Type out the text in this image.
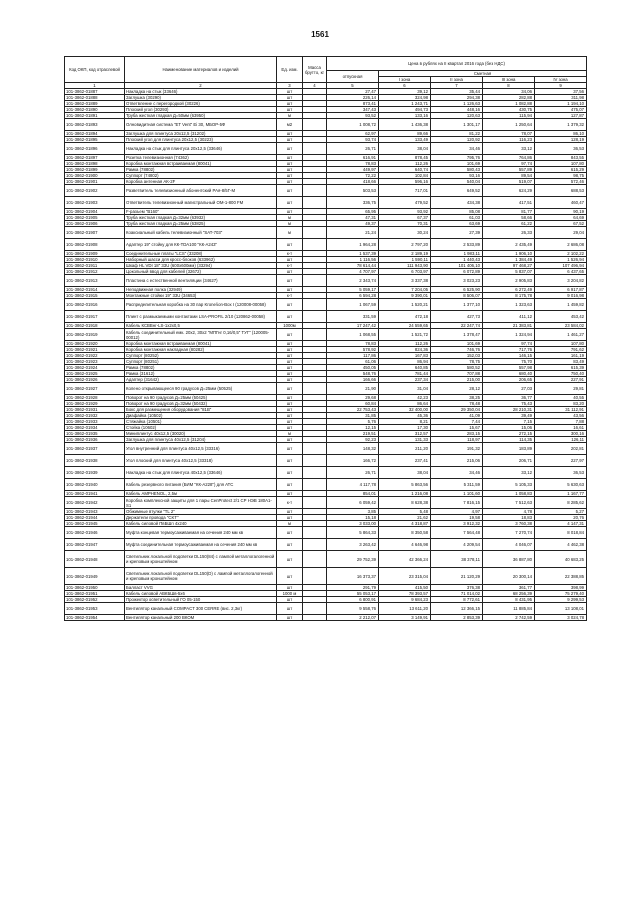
1561
Код ОКП, код отраслевой	Наименование материалов и изделий	Ед. изм.	Масса брутто, кг	Цена в рублях на II квартал 2016 года (без НДС)				
				отпускная	Сметная			
					I зона	II зона	III зона	IV зона
1	2	3	4	5	6	7	8	9
101-3862-01887	Накладка на стык (33646)	шт		27,47	39,12	35,44	34,06	37,56
101-3862-01888	Заглушка (30290)	шт		226,14	324,98	294,38	282,88	311,98
101-3862-01889	Ответвление с перегородкой (30226)	шт		873,41	1 243,71	1 126,63	1 082,88	1 194,10
101-3862-01890	Плоский угол (30293)	шт		347,43	494,73	448,16	430,75	475,07
101-3862-01891	Труба жесткая гладкая Д=50мм (63950)	м		93,52	133,16	120,63	115,94	127,87
101-3862-01893	Олновидитная система "ET Vent" Ei 30, МБОР-5Ф	м2		1 008,72	1 436,38	1 301,17	1 250,64	1 379,32
101-3862-01894	Заглушка для плинтуса 20х12,5 (31202)	шт		62,97	89,66	81,22	78,07	86,10
101-3862-01895	Плоский угол для плинтуса 20х12,5 (30223)	шт		93,74	133,49	120,92	116,23	128,19
101-3862-01896	Накладка на стык для плинтуса 20х12,5 (33646)	шт		26,71	38,04	34,46	33,12	36,53
101-3862-01897	Розетка телевизионная (74362)	шт		616,91	878,45	795,76	764,86	843,55
101-3862-01898	Коробка монтажная встраиваемая (80041)	шт		78,83	112,26	101,69	97,74	107,80
101-3862-01899	Рамка (78802)	шт		449,97	640,74	580,43	557,89	615,29
101-3862-01900	Суппорт (74802)	шт		72,22	102,84	93,16	89,54	98,75
101-3862-01901	Коробка антенная АК-2F	шт		418,66	596,16	540,04	519,07	572,46
101-3862-01902	Разветвитель телевизионный абонентский РАя-8/5Г-М	шт		503,53	717,01	649,52	624,29	688,53
101-3862-01903	Ответвитель телевизионный магистральный ОМ-1-800 FM	шт		336,75	479,52	434,38	417,51	460,47
101-3862-01904	F-разъем "В160"	шт		65,95	93,92	85,08	81,77	90,19
101-3862-01905	Труба жесткая гладкая Д=32мм (63932)	м		47,31	67,37	61,03	58,66	64,69
101-3862-01906	Труба жесткая гладкая Д=25мм (63825)	м		49,37	70,31	63,69	61,22	67,52
101-3862-01907	Коаксиальный кабель телевизионный "SAT-703"	м		21,24	30,24	27,39	26,33	29,04
101-3862-01908	Адаптер 19" стойку для КК-ТDA100 "КК-А243"	шт		1 964,28	2 797,20	2 533,89	2 435,49	2 686,08
101-3862-01909	Соединительные платы "LCS" (33208)	к-т		1 537,39	2 189,19	1 983,11	1 906,10	2 102,22
101-3862-01910	Наборный шасси для кросс-блоков (633962)	шт		1 116,56	1 590,11	1 440,43	1 384,49	1 526,94
101-3862-01911	Шкаф НL VDI 18" 33U (600х600мм) (33294)	к-т		78 614,44	111 943,90	101 406,10	97 468,27	107 496,94
101-3862-01912	Цокольный ввод для кабелей (32672)	шт		4 707,97	6 703,97	6 072,89	5 837,07	6 437,65
101-3862-01913	Пластина с естественной вентиляции (34627)	шт		2 343,74	3 337,38	3 023,23	2 905,83	3 204,82
101-3862-01914	Неподвижная полка (32949)	шт		5 059,17	7 204,05	6 525,90	6 272,49	6 917,87
101-3862-01915	Монтажные стойки 19" 33U (34653)	к-т		6 594,28	9 390,01	8 506,07	8 175,78	9 016,98
101-3862-01916	Распределительная коробка на 30 пар Krone\ion-Box I (120008-00058)	шт		1 067,59	1 520,21	1 377,10	1 323,63	1 459,82
101-3862-01917	Плинт с размыкаемыми контактами LSA-PROFIL 2/10 (120862-00058)	шт		331,59	472,18	427,73	411,12	453,42
101-3862-01918	Кабель КСВВнг-LS-1х2х0,5	1000м		17 247,42	24 559,65	22 247,74	21 383,81	23 584,02
101-3862-01919	Кабель соединительный емк. 20х2, 30х2 "МПГнг 0,16/0,5" ТУГ" (120005-00012)	шт		1 068,55	1 521,72	1 378,47	1 324,94	1 461,27
101-3862-01920	Коробка монтажная встраиваемая (80041)	шт		78,83	112,26	101,69	97,74	107,80
101-3862-01921	Коробка монтажная накладная (80282)	шт		578,92	824,36	746,76	717,76	791,62
101-3862-01922	Суппорт (80252)	шт		117,86	167,83	152,03	146,15	161,19
101-3862-01923	Суппорт (80251)	шт		61,06	86,94	78,75	75,70	83,49
101-3862-01924	Рамка (78802)	шт		450,05	640,85	580,52	557,98	615,39
101-3862-01925	Рамка (31612)	шт		548,76	781,44	707,88	680,40	750,40
101-3862-01926	Адаптер (31642)	шт		166,66	237,34	215,00	206,65	227,91
101-3862-01927	Колено открывающееся 90 градусов Д=25мм (50525)	шт		21,90	31,04	28,12	27,03	29,81
101-3862-01928	Поворот на 90 градусов Д=25мм (50425)	шт		29,68	42,23	38,25	36,77	40,55
101-3862-01929	Поворот на 90 градусов Д=32мм (50432)	шт		60,84	86,64	78,48	75,43	83,20
101-3862-01931	Бокс для размещения оборудования "81В"	шт		22 753,43	32 400,00	29 350,04	28 210,31	31 112,91
101-3862-01932	Диафайка (10502)	шт		31,85	45,36	41,09	39,49	43,56
101-3862-01933	Стяжайка (10501)	шт		5,76	8,21	7,44	7,15	7,88
101-3862-01934	Стойка (10602)	шт		12,15	17,30	15,67	15,06	16,61
101-3862-01935	Миниплинтус 40х12,5 (30020)	м		219,51	312,57	283,15	272,15	300,16
101-3862-01936	Заглушка для плинтуса 40х12,5 (31204)	шт		92,23	131,33	118,97	114,35	126,11
101-3862-01937	Угол внутренний для плинтуса 40х12,5 (33316)	шт		148,32	211,20	191,32	183,89	202,81
101-3862-01938	Угол плоский для плинтуса 40х12,5 (33318)	шт		166,72	237,41	215,06	206,71	227,97
101-3862-01939	Накладка на стык для плинтуса 40х12,5 (33646)	шт		26,71	38,04	34,46	33,12	36,53
101-3862-01940	Кабель резервного питания (БИМ "КК-А228") для АТС	шт		4 117,78	5 863,56	5 311,59	5 105,33	5 630,63
101-3862-01941	Кабель AMPHENOL, 2,5м	шт		854,01	1 216,08	1 101,60	1 058,83	1 167,77
101-3862-01942	Коробка комплексной защиты для 1 пары CenProtect 2/1 СР НЭВ 180А1-S1	к-т		6 059,42	8 628,38	7 816,15	7 512,63	8 285,62
101-3862-01943	Обжимные втулки "TL 2"	шт		3,85	5,48	4,97	4,78	5,27
101-3862-01944	Держатели провода "CKT"	шт		15,18	21,62	19,58	18,83	20,76
101-3862-01945	Кабель силовой ПвБШп 4х240	м		3 033,00	4 318,87	3 912,32	3 760,38	4 147,31
101-3862-01946	Муфта концевая термоусаживаемая на сечения 240 мм кв	шт		5 864,33	8 350,58	7 564,48	7 270,74	8 018,84
101-3862-01947	Муфта соединительная термоусаживаемая на сечения 240 мм кв	шт		3 263,42	4 646,98	4 209,54	4 046,07	4 462,38
101-3862-01948	Светильник локальной подсветки DL150(84) с лампой металлогалогенной и креповым кронштейном	шт		29 752,39	42 366,24	38 378,11	36 887,80	40 683,25
101-3862-01949	Светильник локальной подсветки DL150(D) с лампой металлогалогенной и креповым кронштейном	шт		16 373,37	23 315,04	21 120,29	20 300,14	22 388,85
101-3862-01950	Балласт VVG	шт		291,79	415,50	376,38	361,77	398,99
101-3862-01951	Кабель силовой АВКБШв-5х6	1000 м		55 053,17	78 393,57	71 014,02	68 256,39	75 279,40
101-3862-01952	Прожектор осветительный ГО 05-150	шт		6 800,91	9 684,23	8 772,61	8 431,95	9 299,53
101-3862-01953	Вентилятор канальный COMPACT 300 CERRE (вис. 2,3кг)	шт		9 558,76	13 611,20	12 366,15	11 885,84	13 108,01
101-3862-01954	Вентилятор канальный 200 ВКОМ	шт		2 212,07	3 149,91	2 853,39	2 742,59	3 024,78
